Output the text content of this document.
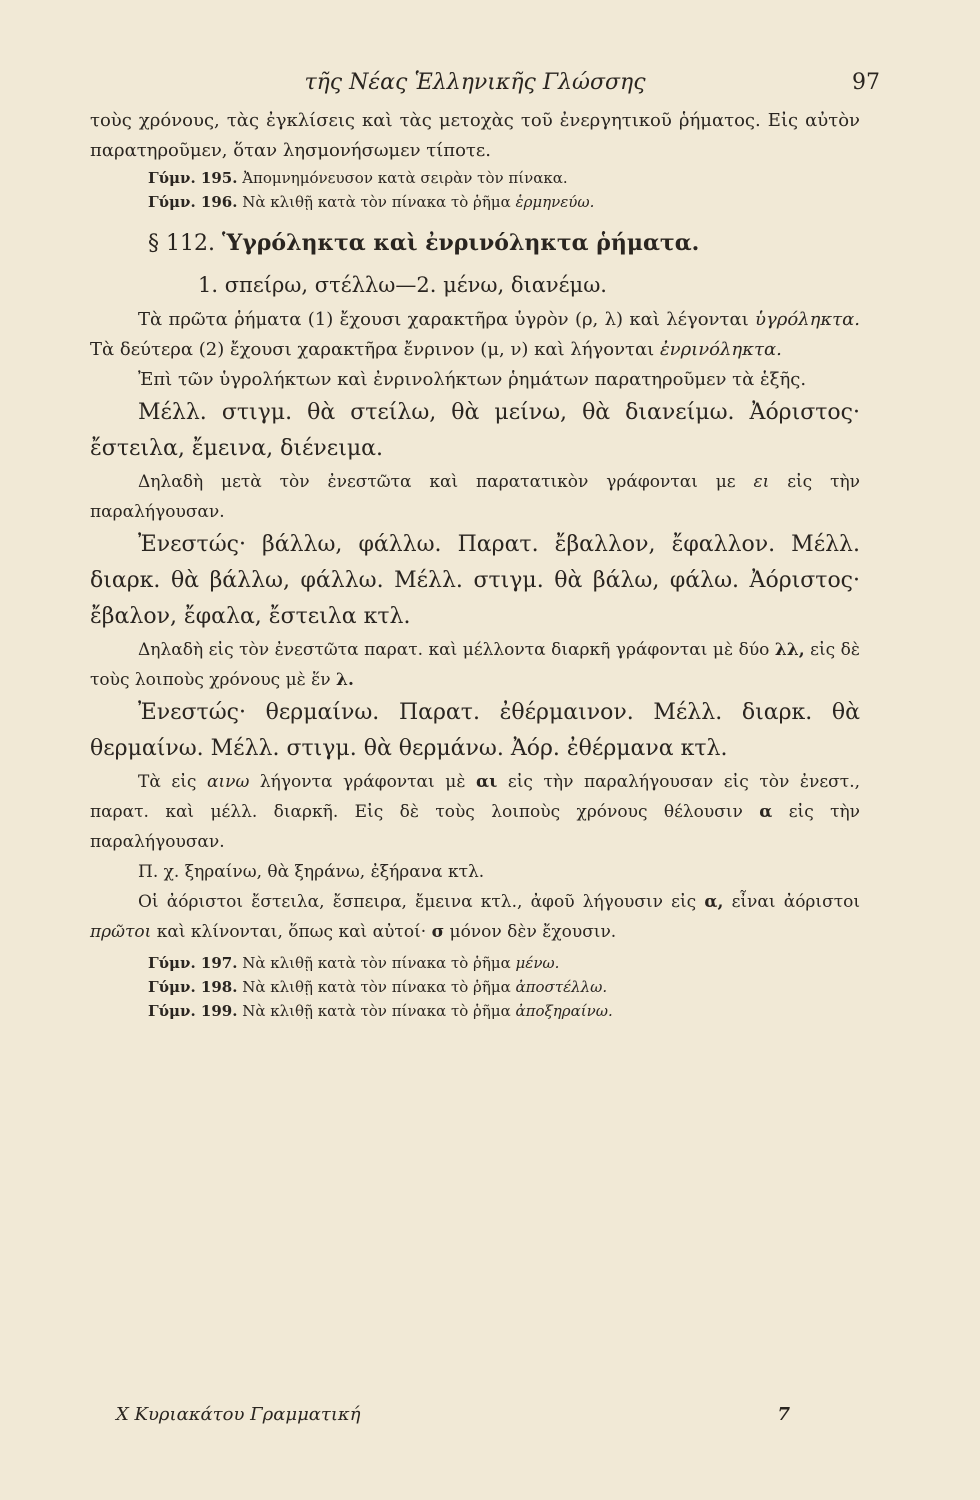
τῆς Νέας Ἑλληνικῆς Γλώσσης	97

τοὺς χρόνους, τὰς ἐγκλίσεις καὶ τὰς μετοχὰς τοῦ ἐνεργητικοῦ ῥήματος. Εἰς αὐτὸν παρατηροῦμεν, ὅταν λησμονήσωμεν τίποτε.

Γύμν. 195. Ἀπομνημόνευσον κατὰ σειρὰν τὸν πίνακα.

Γύμν. 196. Νὰ κλιθῇ κατὰ τὸν πίνακα τὸ ῥῆμα ἑρμηνεύω.

§ 112. Ὑγρόληκτα καὶ ἐνρινόληκτα ῥήματα.

1. σπείρω, στέλλω—2. μένω, διανέμω.

Τὰ πρῶτα ῥήματα (1) ἔχουσι χαρακτῆρα ὑγρὸν (ρ, λ) καὶ λέγονται ὑγρόληκτα. Τὰ δεύτερα (2) ἔχουσι χαρακτῆρα ἔνρινον (μ, ν) καὶ λήγονται ἐνρινόληκτα.

Ἐπὶ τῶν ὑγρολήκτων καὶ ἐνρινολήκτων ῥημάτων παρατηροῦμεν τὰ ἑξῆς.

Μέλλ. στιγμ. θὰ στείλω, θὰ μείνω, θὰ διανείμω. Ἀόριστος· ἔστειλα, ἔμεινα, διένειμα.

Δηλαδὴ μετὰ τὸν ἐνεστῶτα καὶ παρατατικὸν γράφονται με ει εἰς τὴν παραλήγουσαν.

Ἐνεστώς· βάλλω, φάλλω. Παρατ. ἔβαλλον, ἔφαλλον. Μέλλ. διαρκ. θὰ βάλλω, φάλλω. Μέλλ. στιγμ. θὰ βάλω, φάλω. Ἀόριστος· ἔβαλον, ἔφαλα, ἔστειλα κτλ.

Δηλαδὴ εἰς τὸν ἐνεστῶτα παρατ. καὶ μέλλοντα διαρκῆ γράφονται μὲ δύο λλ, εἰς δὲ τοὺς λοιποὺς χρόνους μὲ ἕν λ.

Ἐνεστώς· θερμαίνω. Παρατ. ἐθέρμαινον. Μέλλ. διαρκ. θὰ θερμαίνω. Μέλλ. στιγμ. θὰ θερμάνω. Ἀόρ. ἐθέρμανα κτλ.

Τὰ εἰς αινω λήγοντα γράφονται μὲ αι εἰς τὴν παραλήγουσαν εἰς τὸν ἐνεστ., παρατ. καὶ μέλλ. διαρκῆ. Εἰς δὲ τοὺς λοιποὺς χρόνους θέλουσιν α εἰς τὴν παραλήγουσαν.

Π. χ. ξηραίνω, θὰ ξηράνω, ἐξήρανα κτλ.

Οἱ ἀόριστοι ἔστειλα, ἔσπειρα, ἔμεινα κτλ., ἀφοῦ λήγουσιν εἰς α, εἶναι ἀόριστοι πρῶτοι καὶ κλίνονται, ὅπως καὶ αὐτοί· σ μόνον δὲν ἔχουσιν.

Γύμν. 197. Νὰ κλιθῇ κατὰ τὸν πίνακα τὸ ῥῆμα μένω.

Γύμν. 198. Νὰ κλιθῇ κατὰ τὸν πίνακα τὸ ῥῆμα ἀποστέλλω.

Γύμν. 199. Νὰ κλιθῇ κατὰ τὸν πίνακα τὸ ῥῆμα ἀποξηραίνω.

Χ Κυριακάτου Γραμματική	7
